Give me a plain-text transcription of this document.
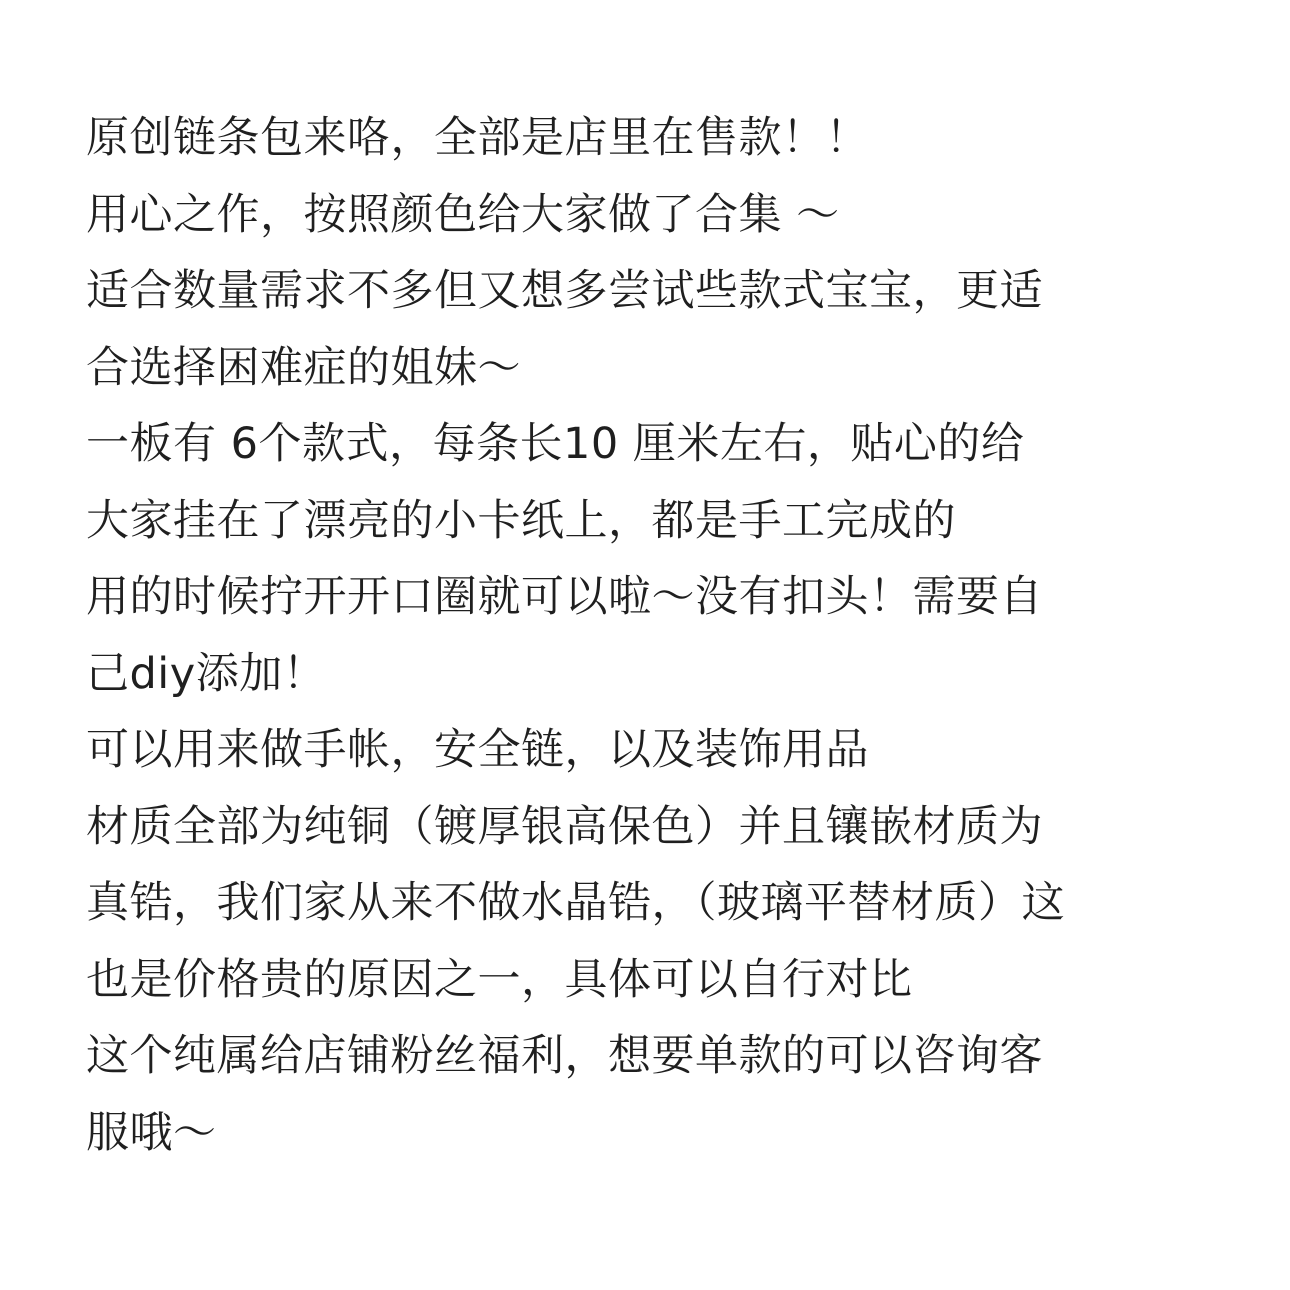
原创链条包来咯，全部是店里在售款！！
用心之作，按照颜色给大家做了合集 ～
适合数量需求不多但又想多尝试些款式宝宝，更适
合选择困难症的姐妹～
一板有 6个款式，每条长10 厘米左右，贴心的给
大家挂在了漂亮的小卡纸上，都是手工完成的
用的时候拧开开口圈就可以啦～没有扣头！需要自
己diy添加！
可以用来做手帐，安全链，以及装饰用品
材质全部为纯铜（镀厚银高保色）并且镶嵌材质为
真锆，我们家从来不做水晶锆，（玻璃平替材质）这
也是价格贵的原因之一，具体可以自行对比
这个纯属给店铺粉丝福利，想要单款的可以咨询客
服哦～
